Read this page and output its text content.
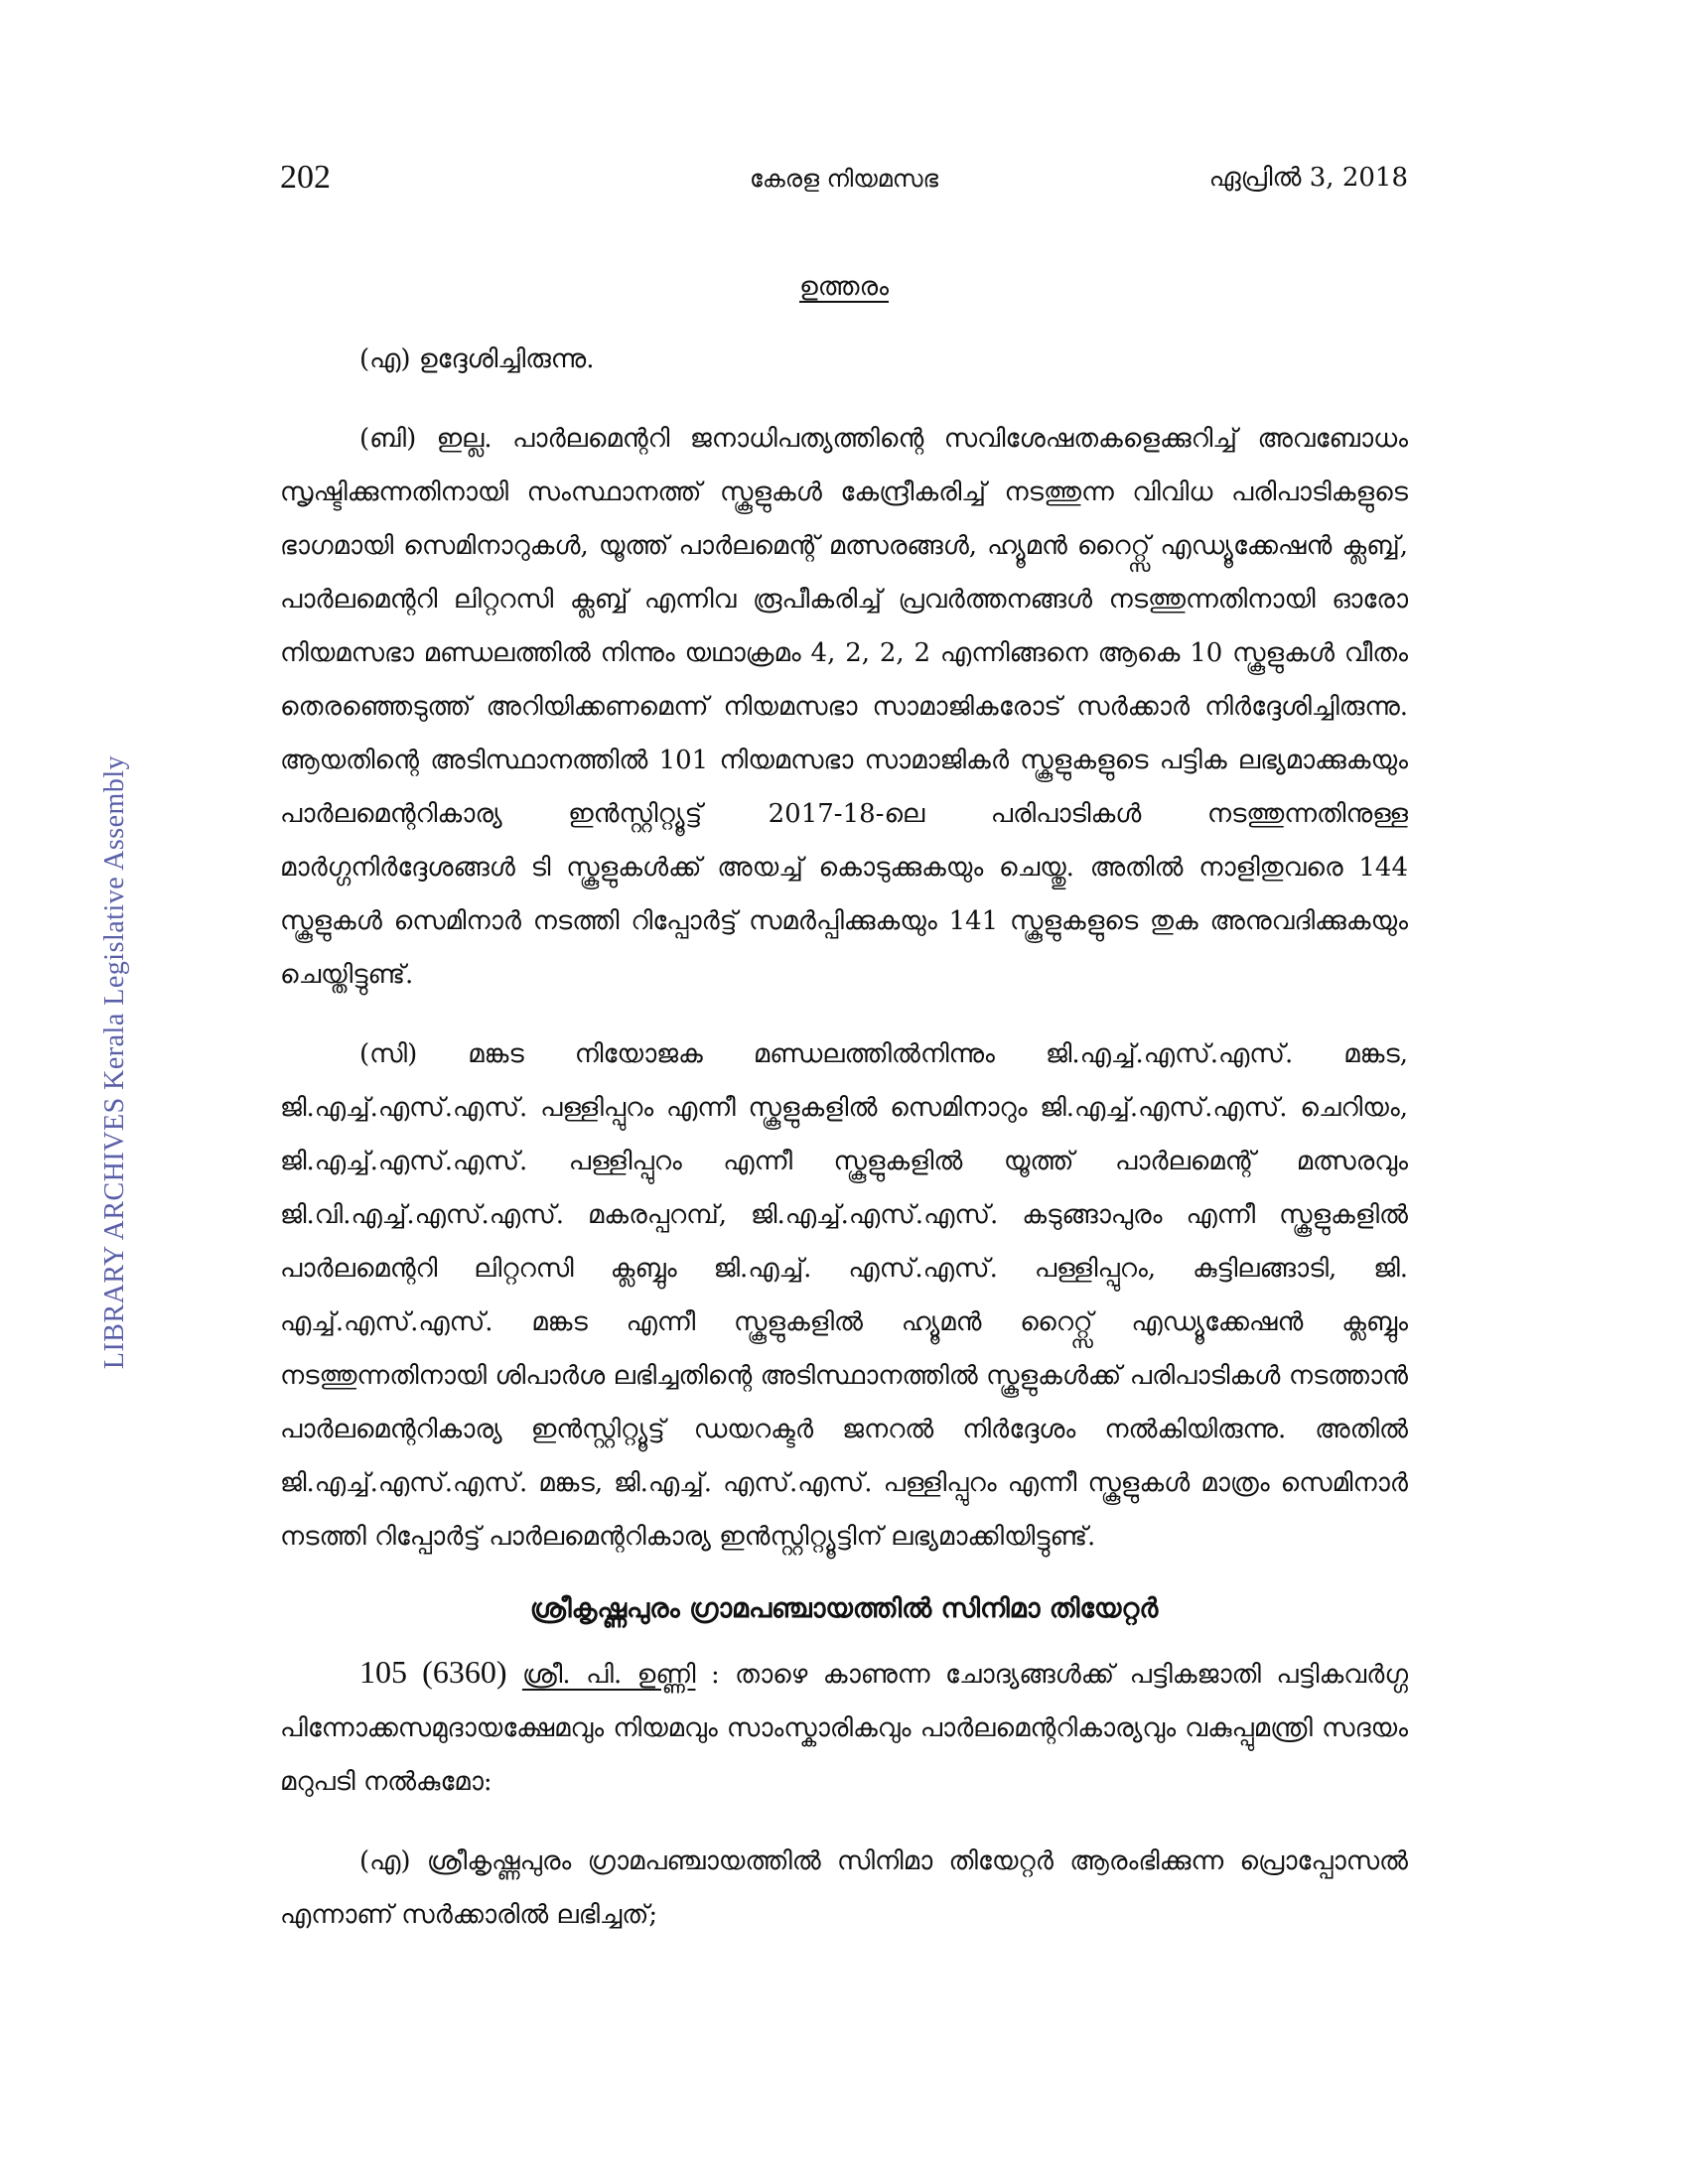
202	കേരള നിയമസഭ	ഏപ്രിൽ 3, 2018
LIBRARY ARCHIVES Kerala Legislative Assembly
ഉത്തരം

(എ) ഉദ്ദേശിച്ചിരുന്നു.

(ബി) ഇല്ല. പാർലമെന്ററി ജനാധിപത്യത്തിന്റെ സവിശേഷതകളെക്കുറിച്ച് അവബോധം സൃഷ്ടിക്കുന്നതിനായി സംസ്ഥാനത്ത് സ്കൂളുകൾ കേന്ദ്രീകരിച്ച് നടത്തുന്ന വിവിധ പരിപാടികളുടെ ഭാഗമായി സെമിനാറുകൾ, യൂത്ത് പാർലമെന്റ് മത്സരങ്ങൾ, ഹ്യൂമൻ റൈറ്റ്സ് എഡ്യൂക്കേഷൻ ക്ലബ്ബ്, പാർലമെന്ററി ലിറ്ററസി ക്ലബ്ബ് എന്നിവ രൂപീകരിച്ച് പ്രവർത്തനങ്ങൾ നടത്തുന്നതിനായി ഓരോ നിയമസഭാ മണ്ഡലത്തിൽ നിന്നും യഥാക്രമം 4, 2, 2, 2 എന്നിങ്ങനെ ആകെ 10 സ്കൂളുകൾ വീതം തെരഞ്ഞെടുത്ത് അറിയിക്കണമെന്ന് നിയമസഭാ സാമാജികരോട് സർക്കാർ നിർദ്ദേശിച്ചിരുന്നു. ആയതിന്റെ അടിസ്ഥാനത്തിൽ 101 നിയമസഭാ സാമാജികർ സ്കൂളുകളുടെ പട്ടിക ലഭ്യമാക്കുകയും പാർലമെന്ററികാര്യ ഇൻസ്റ്റിറ്റ്യൂട്ട് 2017-18-ലെ പരിപാടികൾ നടത്തുന്നതിനുള്ള മാർഗ്ഗനിർദ്ദേശങ്ങൾ ടി സ്കൂളുകൾക്ക് അയച്ച് കൊടുക്കുകയും ചെയ്തു. അതിൽ നാളിതുവരെ 144 സ്കൂളുകൾ സെമിനാർ നടത്തി റിപ്പോർട്ട് സമർപ്പിക്കുകയും 141 സ്കൂളുകളുടെ തുക അനുവദിക്കുകയും ചെയ്തിട്ടുണ്ട്.

(സി) മങ്കട നിയോജക മണ്ഡലത്തിൽനിന്നും ജി.എച്ച്.എസ്.എസ്. മങ്കട, ജി.എച്ച്.എസ്.എസ്. പള്ളിപ്പുറം എന്നീ സ്കൂളുകളിൽ സെമിനാറും ജി.എച്ച്.എസ്.എസ്. ചെറിയം, ജി.എച്ച്.എസ്.എസ്. പള്ളിപ്പുറം എന്നീ സ്കൂളുകളിൽ യൂത്ത് പാർലമെന്റ് മത്സരവും ജി.വി.എച്ച്.എസ്.എസ്. മകരപ്പറമ്പ്, ജി.എച്ച്.എസ്.എസ്. കടുങ്ങാപുരം എന്നീ സ്കൂളുകളിൽ പാർലമെന്ററി ലിറ്ററസി ക്ലബ്ബും ജി.എച്ച്. എസ്.എസ്. പള്ളിപ്പുറം, കുട്ടിലങ്ങാടി, ജി. എച്ച്.എസ്.എസ്. മങ്കട എന്നീ സ്കൂളുകളിൽ ഹ്യൂമൻ റൈറ്റ്സ് എഡ്യൂക്കേഷൻ ക്ലബ്ബും നടത്തുന്നതിനായി ശിപാർശ ലഭിച്ചതിന്റെ അടിസ്ഥാനത്തിൽ സ്കൂളുകൾക്ക് പരിപാടികൾ നടത്താൻ പാർലമെന്ററികാര്യ ഇൻസ്റ്റിറ്റ്യൂട്ട് ഡയറക്ടർ ജനറൽ നിർദ്ദേശം നൽകിയിരുന്നു. അതിൽ ജി.എച്ച്.എസ്.എസ്. മങ്കട, ജി.എച്ച്. എസ്.എസ്. പള്ളിപ്പുറം എന്നീ സ്കൂളുകൾ മാത്രം സെമിനാർ നടത്തി റിപ്പോർട്ട് പാർലമെന്ററികാര്യ ഇൻസ്റ്റിറ്റ്യൂട്ടിന് ലഭ്യമാക്കിയിട്ടുണ്ട്.

ശ്രീകൃഷ്ണപുരം ഗ്രാമപഞ്ചായത്തിൽ സിനിമാ തിയേറ്റർ

105 (6360) ശ്രീ. പി. ഉണ്ണി : താഴെ കാണുന്ന ചോദ്യങ്ങൾക്ക് പട്ടികജാതി പട്ടികവർഗ്ഗ പിന്നോക്കസമുദായക്ഷേമവും നിയമവും സാംസ്കാരികവും പാർലമെന്ററികാര്യവും വകുപ്പുമന്ത്രി സദയം മറുപടി നൽകുമോ:

(എ) ശ്രീകൃഷ്ണപുരം ഗ്രാമപഞ്ചായത്തിൽ സിനിമാ തിയേറ്റർ ആരംഭിക്കുന്ന പ്രൊപ്പോസൽ എന്നാണ് സർക്കാരിൽ ലഭിച്ചത്;
